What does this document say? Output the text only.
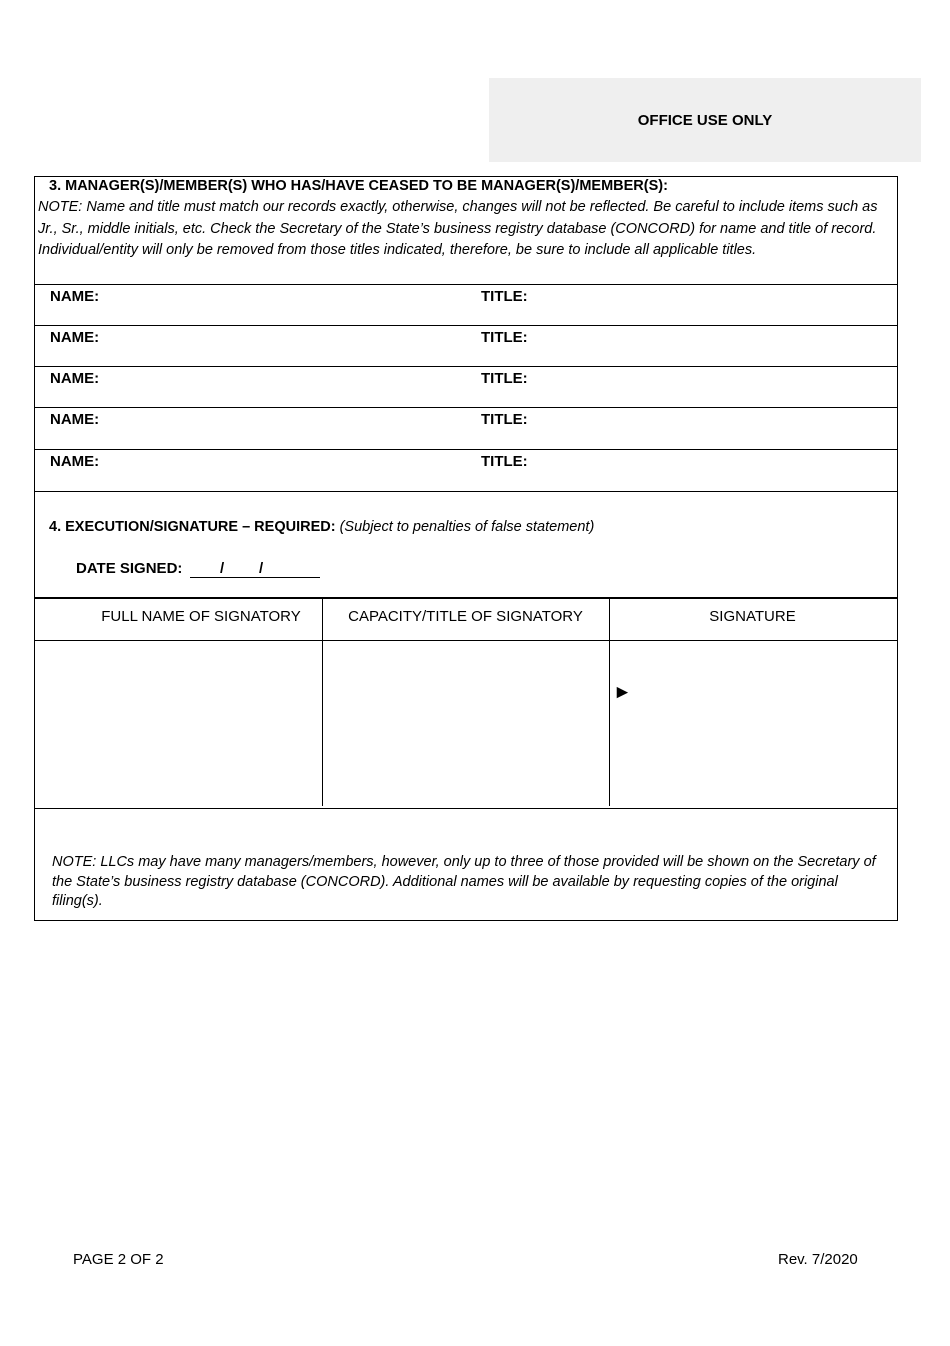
OFFICE USE ONLY
3. MANAGER(S)/MEMBER(S) WHO HAS/HAVE CEASED TO BE MANAGER(S)/MEMBER(S):
NOTE: Name and title must match our records exactly, otherwise, changes will not be reflected. Be careful to include items such as Jr., Sr., middle initials, etc. Check the Secretary of the State’s business registry database (CONCORD) for name and title of record. Individual/entity will only be removed from those titles indicated, therefore, be sure to include all applicable titles.
NAME:	TITLE:
NAME:	TITLE:
NAME:	TITLE:
NAME:	TITLE:
NAME:	TITLE:
4. EXECUTION/SIGNATURE – REQUIRED: (Subject to penalties of false statement)
DATE SIGNED:	/ /
FULL NAME OF SIGNATORY	CAPACITY/TITLE OF SIGNATORY	SIGNATURE
►
NOTE: LLCs may have many managers/members, however, only up to three of those provided will be shown on the Secretary of the State’s business registry database (CONCORD). Additional names will be available by requesting copies of the original filing(s).
PAGE 2 OF 2	Rev. 7/2020
